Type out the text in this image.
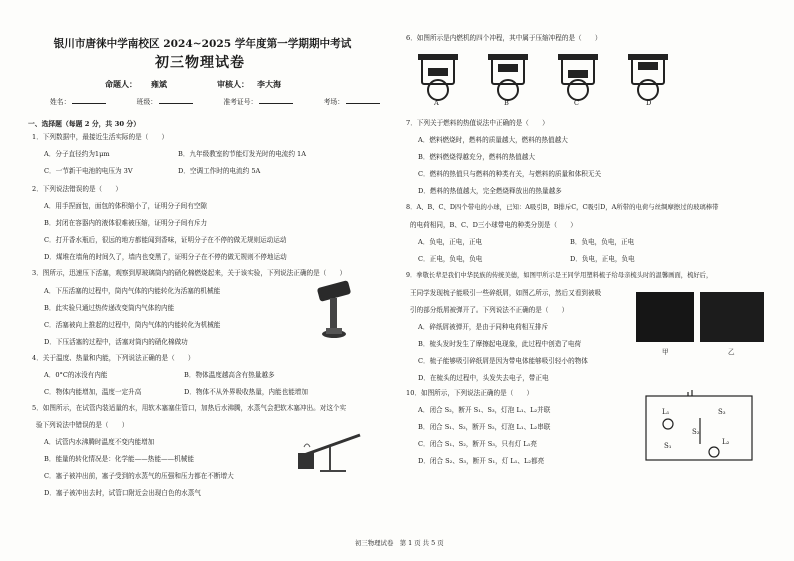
银川市唐徕中学南校区 2024~2025 学年度第一学期期中考试
初三物理试卷
命题人： 雍斌	审核人： 李大海
姓名：	班级：	准考证号：	考场：
一、选择题（每题 2 分，共 30 分）
1．下列数据中，最接近生活实际的是（　　）
A．分子直径约为1μm	B．九年级教室的节能灯发光时的电流约 1A
C．一节新干电池的电压为 3V	D．空调工作时的电流约 5A
2．下列说法错误的是（　　）
A．用手捏面包，面包的体积缩小了，证明分子间有空隙
B．封闭在容器内的液体很难被压缩，证明分子间有斥力
C．打开香水瓶后，很远的地方都能闻到香味，证明分子在不停的做无规则运动运动
D．煤堆在墙角的时间久了，墙内也变黑了，证明分子在不停的做无规则不停地运动
3．图所示，迅速压下活塞，观察到厚玻璃筒内的硝化棉燃烧起来，关于该实验，下列说法正确的是（　　）
A．下压活塞的过程中，筒内气体的内能转化为活塞的机械能
B．此实验只通过热传递改变筒内气体的内能
C．活塞被向上推起的过程中，筒内气体的内能转化为机械能
D．下压活塞的过程中，活塞对筒内的硝化棉做功
4．关于温度、热量和内能，下列说法正确的是（　　）
A．0°C的冰没有内能	B．物体温度越高含有热量越多
C．物体内能增加，温度一定升高	D．物体不从外界吸收热量，内能也能增加
5．如图所示，在试管内装适量的水，用软木塞塞住管口，加热后水沸腾，水蒸气会把软木塞冲出。对这个实
验下列说法中错误的是（　　）
A．试管内水沸腾时温度不变内能增加
B．能量的转化情况是：化学能——热能——机械能
C．塞子被冲出前，塞子受到的水蒸气的压强和压力都在不断增大
D．塞子被冲出去时，试管口附近会出现白色的水蒸气
6．如图所示是内燃机的四个冲程，其中属于压缩冲程的是（　　）
A	B	C	D
7．下列关于燃料的热值说法中正确的是（　　）
A．燃料燃烧时，燃料的质量越大，燃料的热值越大
B．燃料燃烧得越充分，燃料的热值越大
C．燃料的热值只与燃料的种类有关，与燃料的质量和体积无关
D．燃料的热值越大，完全燃烧释放出的热量越多
8．A、B、C、D四个带电的小球，已知：A吸引B，B排斥C，C吸引D，A所带的电荷与丝绸摩擦过的玻璃棒带
的电荷相同，B、C、D三小球带电的种类分别是（　　）
A．负电，正电，正电	B．负电，负电，正电
C．正电，负电，负电	D．负电，正电，负电
9．拳敬长辈是我们中华民族的传统美德，如图甲所示是王同学用塑料梳子给母亲梳头时的温馨画面，梳好后，
王同学发现梳子能吸引一些碎纸屑，如图乙所示，然后又看到被吸
引的部分纸屑被弹开了。下列说法不正确的是（　　）
A．碎纸屑被弹开，是由于同种电荷相互排斥
B．梳头发时发生了摩擦起电现象，此过程中创造了电荷
C．梳子能够吸引碎纸屑是因为带电体能够吸引轻小的物体
D．在梳头的过程中，头发失去电子，带正电
甲	乙
10．如图所示，下列说法正确的是（　　）
A．闭合 S₂，断开 S₁、S₃，灯泡 L₁、L₂并联
B．闭合 S₁、S₃，断开 S₂，灯泡 L₁、L₂串联
C．闭合 S₁、S₂，断开 S₃，只有灯 L₁亮
D．闭合 S₂、S₃，断开 S₁，灯 L₁、L₂都亮
L₁	S₃
S₂
L₂
S₁
初三物理试卷　第 1 页 共 5 页
